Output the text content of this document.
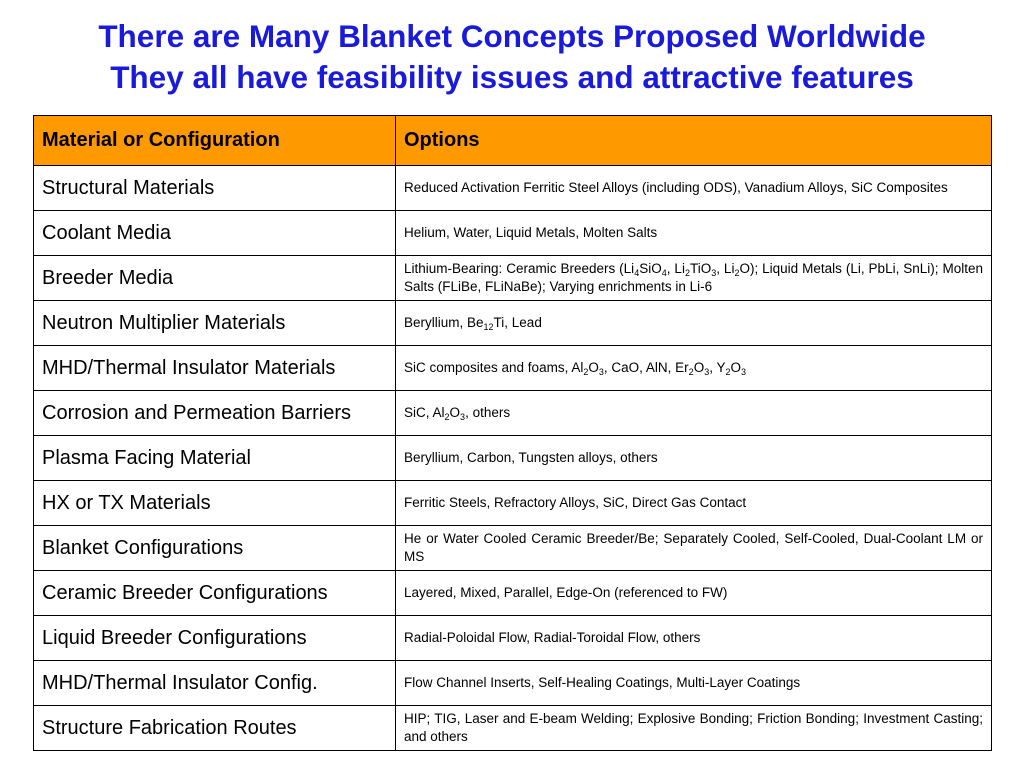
There are Many Blanket Concepts Proposed Worldwide
They all have feasibility issues and attractive features
Material or Configuration	Options
Structural Materials	Reduced Activation Ferritic Steel Alloys (including ODS), Vanadium Alloys, SiC Composites
Coolant Media	Helium, Water, Liquid Metals, Molten Salts
Breeder Media	Lithium-Bearing: Ceramic Breeders ($Li_4SiO_4$, $Li_2TiO_3$, $Li_2O$); Liquid Metals (Li, PbLi, SnLi); Molten Salts (FLiBe, FLiNaBe); Varying enrichments in Li-6
Neutron Multiplier Materials	Beryllium, $Be_{12}Ti$, Lead
MHD/Thermal Insulator Materials	SiC composites and foams, $Al_2O_3$, CaO, AlN, $Er_2O_3$, $Y_2O_3$
Corrosion and Permeation Barriers	SiC, $Al_2O_3$, others
Plasma Facing Material	Beryllium, Carbon, Tungsten alloys, others
HX or TX Materials	Ferritic Steels, Refractory Alloys, SiC, Direct Gas Contact
Blanket Configurations	He or Water Cooled Ceramic Breeder/Be; Separately Cooled, Self-Cooled, Dual-Coolant LM or MS
Ceramic Breeder Configurations	Layered, Mixed, Parallel, Edge-On (referenced to FW)
Liquid Breeder Configurations	Radial-Poloidal Flow, Radial-Toroidal Flow, others
MHD/Thermal Insulator Config.	Flow Channel Inserts, Self-Healing Coatings, Multi-Layer Coatings
Structure Fabrication Routes	HIP; TIG, Laser and E-beam Welding; Explosive Bonding; Friction Bonding; Investment Casting; and others
